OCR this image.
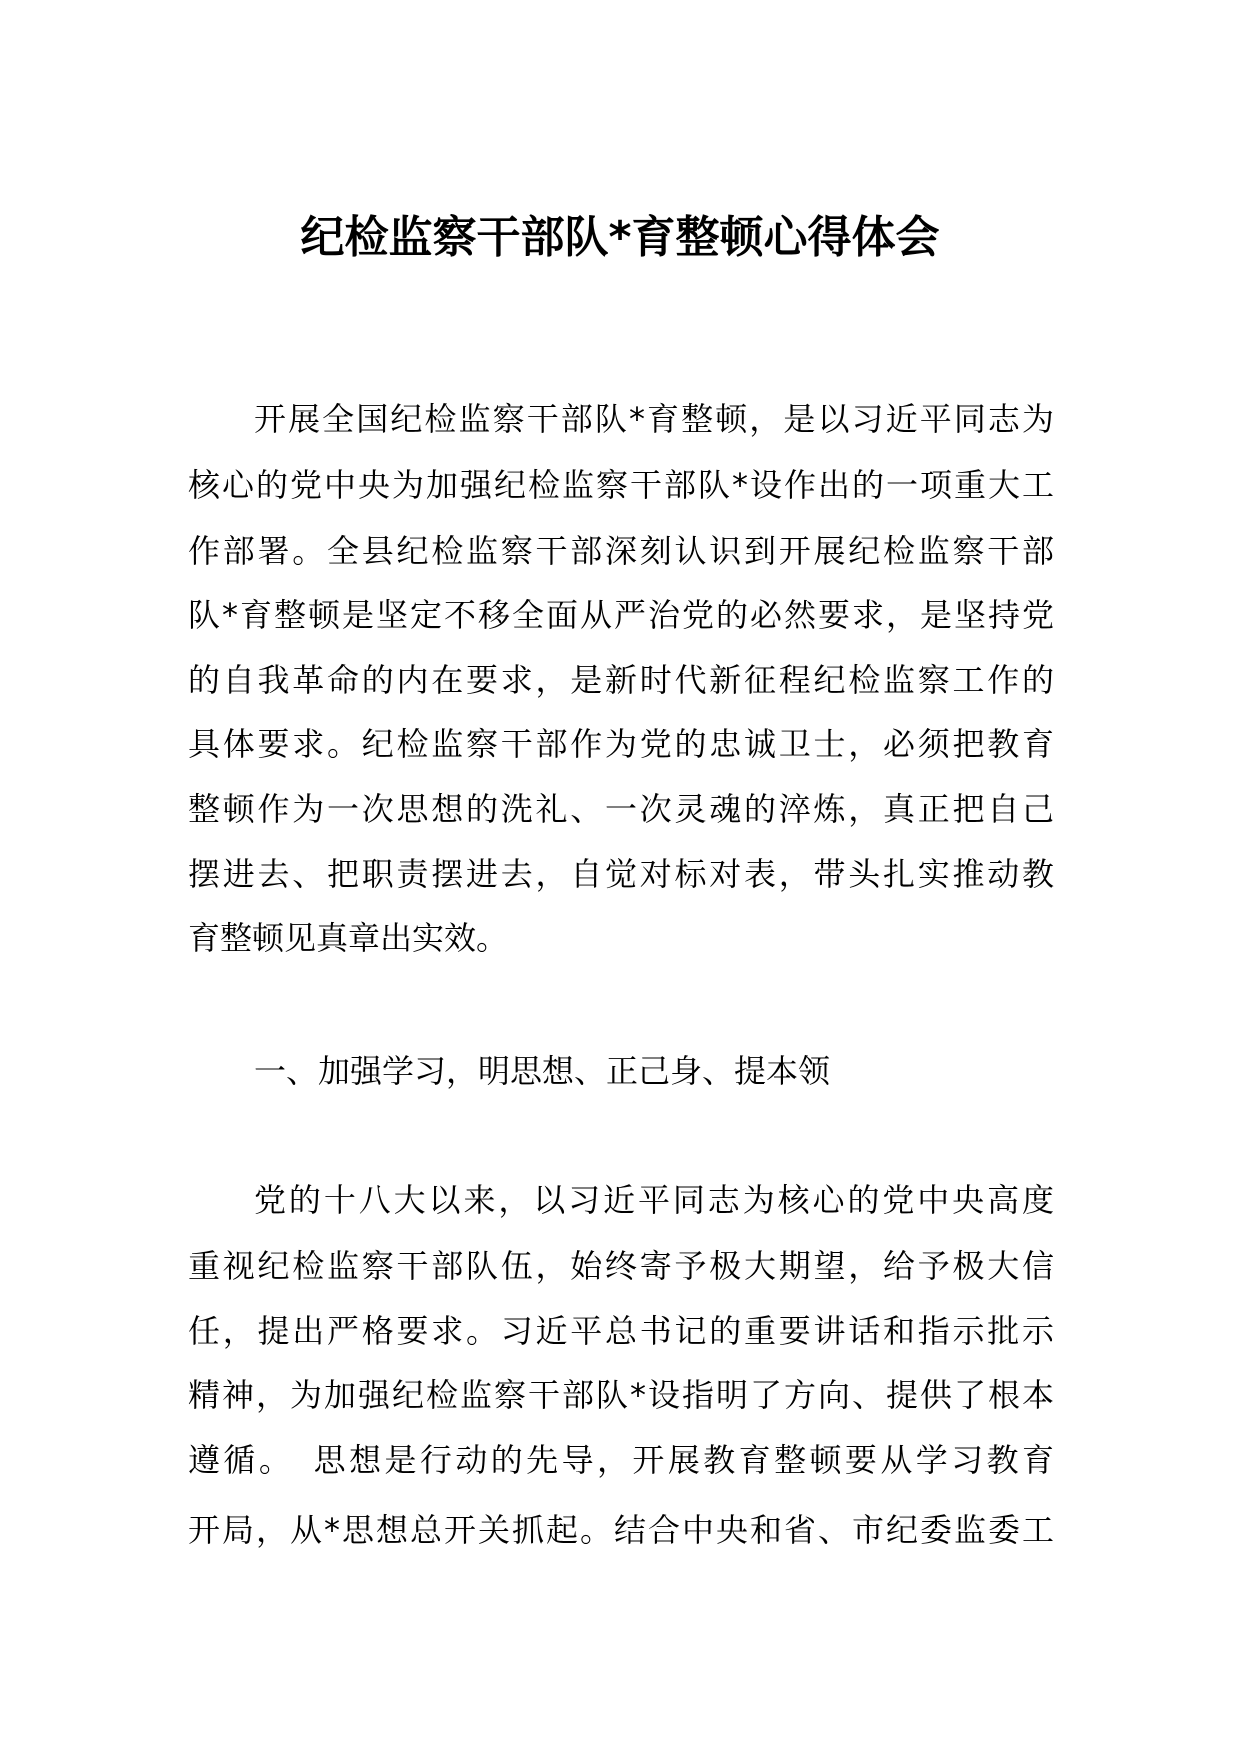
纪检监察干部队*育整顿心得体会
开展全国纪检监察干部队*育整顿，是以习近平同志为
核心的党中央为加强纪检监察干部队*设作出的一项重大工
作部署。全县纪检监察干部深刻认识到开展纪检监察干部
队*育整顿是坚定不移全面从严治党的必然要求，是坚持党
的自我革命的内在要求，是新时代新征程纪检监察工作的
具体要求。纪检监察干部作为党的忠诚卫士，必须把教育
整顿作为一次思想的洗礼、一次灵魂的淬炼，真正把自己
摆进去、把职责摆进去，自觉对标对表，带头扎实推动教
育整顿见真章出实效。
一、加强学习，明思想、正己身、提本领
党的十八大以来，以习近平同志为核心的党中央高度
重视纪检监察干部队伍，始终寄予极大期望，给予极大信
任，提出严格要求。习近平总书记的重要讲话和指示批示
精神，为加强纪检监察干部队*设指明了方向、提供了根本
遵循。　思想是行动的先导，开展教育整顿要从学习教育
开局，从*思想总开关抓起。结合中央和省、市纪委监委工
